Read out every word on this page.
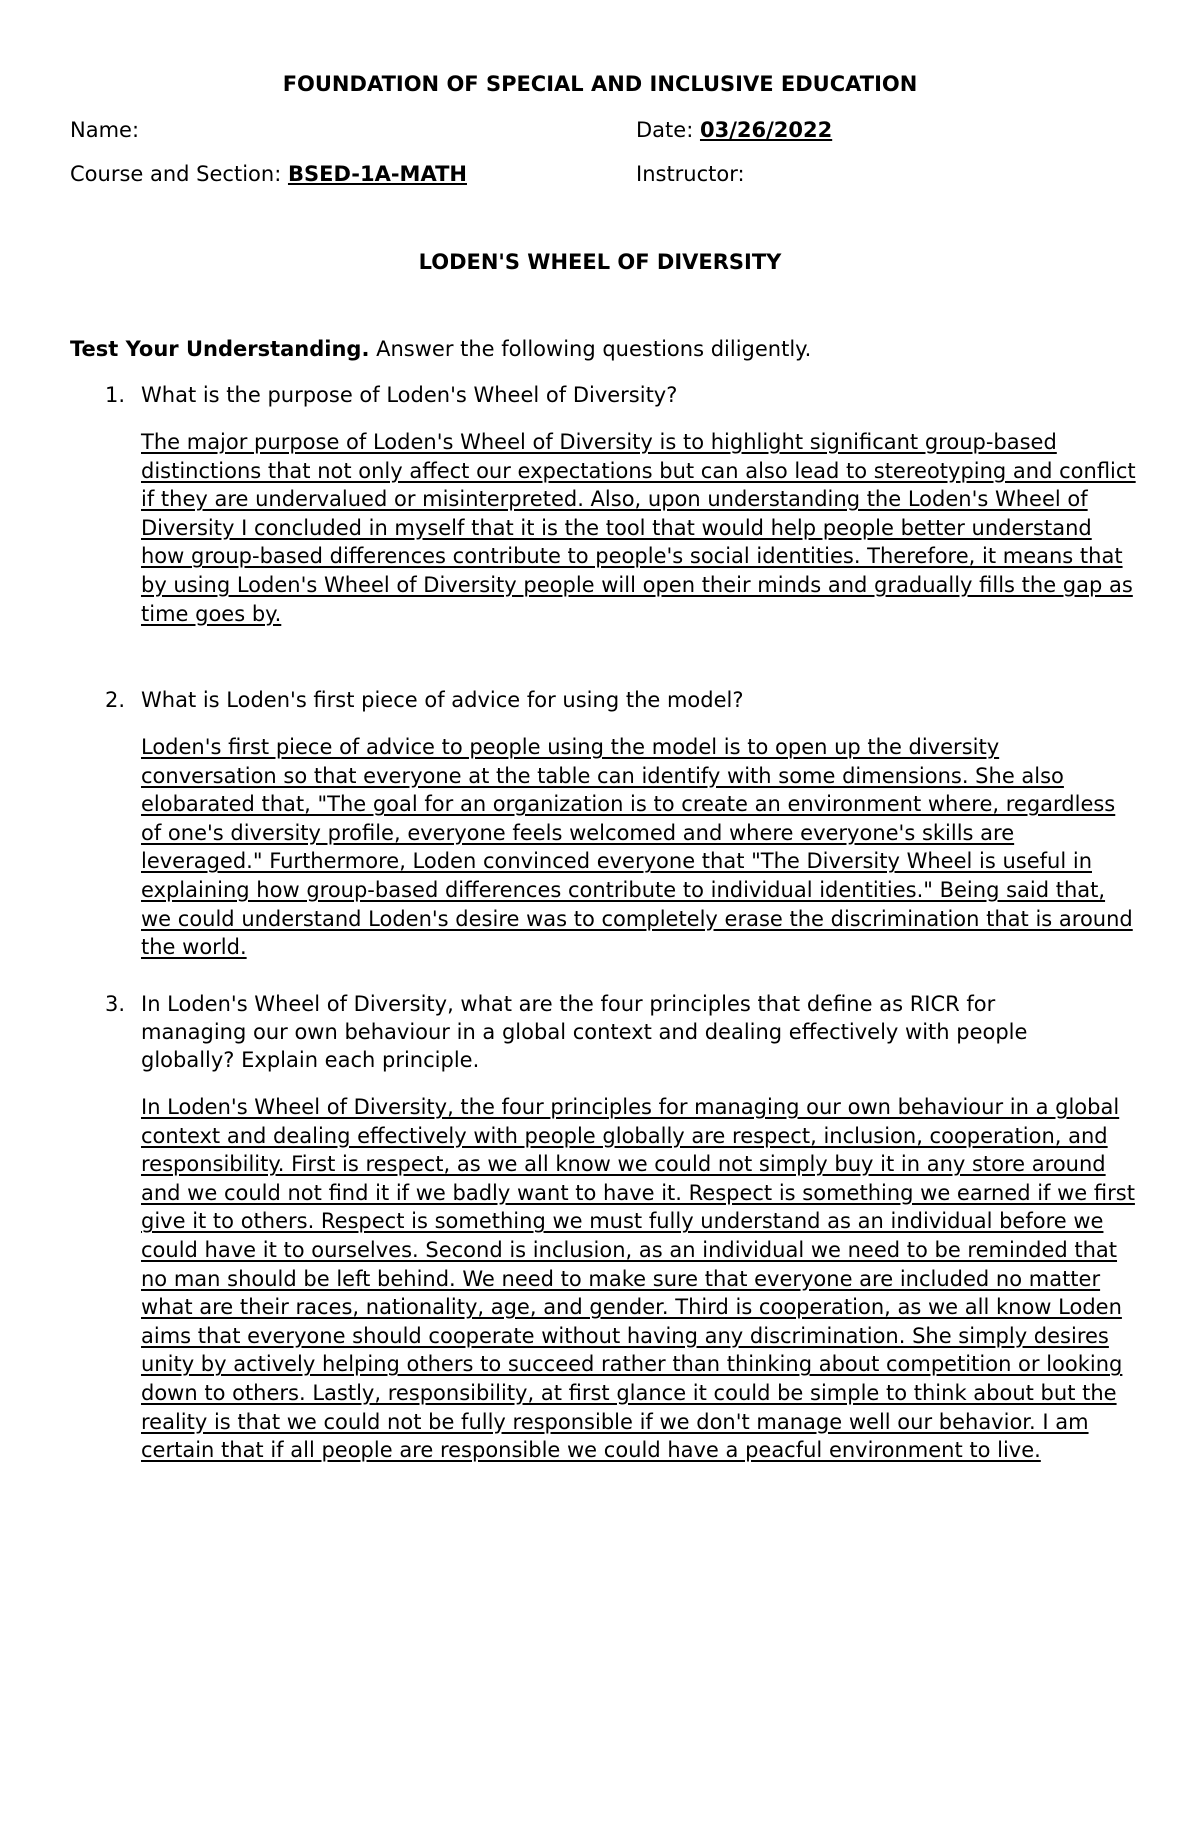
FOUNDATION OF SPECIAL AND INCLUSIVE EDUCATION
Name:	Date: 03/26/2022
Course and Section: BSED-1A-MATH	Instructor:
LODEN'S WHEEL OF DIVERSITY
Test Your Understanding. Answer the following questions diligently.
1. What is the purpose of Loden's Wheel of Diversity?
The major purpose of Loden's Wheel of Diversity is to highlight significant group-based distinctions that not only affect our expectations but can also lead to stereotyping and conflict if they are undervalued or misinterpreted. Also, upon understanding the Loden's Wheel of Diversity I concluded in myself that it is the tool that would help people better understand how group-based differences contribute to people's social identities. Therefore, it means that by using Loden's Wheel of Diversity people will open their minds and gradually fills the gap as time goes by.
2. What is Loden's first piece of advice for using the model?
Loden's first piece of advice to people using the model is to open up the diversity conversation so that everyone at the table can identify with some dimensions. She also elobarated that, "The goal for an organization is to create an environment where, regardless of one's diversity profile, everyone feels welcomed and where everyone's skills are leveraged." Furthermore, Loden convinced everyone that "The Diversity Wheel is useful in explaining how group-based differences contribute to individual identities." Being said that, we could understand Loden's desire was to completely erase the discrimination that is around the world.
3. In Loden's Wheel of Diversity, what are the four principles that define as RICR for managing our own behaviour in a global context and dealing effectively with people globally? Explain each principle.
In Loden's Wheel of Diversity, the four principles for managing our own behaviour in a global context and dealing effectively with people globally are respect, inclusion, cooperation, and responsibility. First is respect, as we all know we could not simply buy it in any store around and we could not find it if we badly want to have it. Respect is something we earned if we first give it to others. Respect is something we must fully understand as an individual before we could have it to ourselves. Second is inclusion, as an individual we need to be reminded that no man should be left behind. We need to make sure that everyone are included no matter what are their races, nationality, age, and gender. Third is cooperation, as we all know Loden aims that everyone should cooperate without having any discrimination. She simply desires unity by actively helping others to succeed rather than thinking about competition or looking down to others. Lastly, responsibility, at first glance it could be simple to think about but the reality is that we could not be fully responsible if we don't manage well our behavior. I am certain that if all people are responsible we could have a peacful environment to live.
